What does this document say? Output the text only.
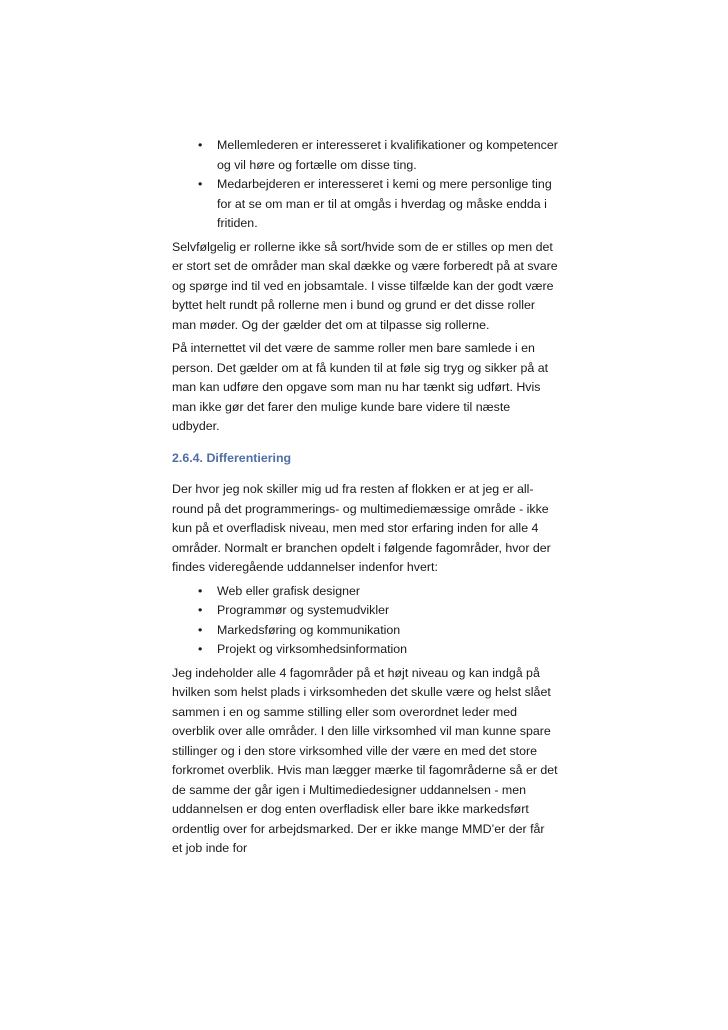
• Mellemlederen er interesseret i kvalifikationer og kompetencer og vil høre og fortælle om disse ting.
• Medarbejderen er interesseret i kemi og mere personlige ting for at se om man er til at omgås i hverdag og måske endda i fritiden.

Selvfølgelig er rollerne ikke så sort/hvide som de er stilles op men det er stort set de områder man skal dække og være forberedt på at svare og spørge ind til ved en jobsamtale. I visse tilfælde kan der godt være byttet helt rundt på rollerne men i bund og grund er det disse roller man møder. Og der gælder det om at tilpasse sig rollerne.

På internettet vil det være de samme roller men bare samlede i en person. Det gælder om at få kunden til at føle sig tryg og sikker på at man kan udføre den opgave som man nu har tænkt sig udført. Hvis man ikke gør det farer den mulige kunde bare videre til næste udbyder.

2.6.4. Differentiering

Der hvor jeg nok skiller mig ud fra resten af flokken er at jeg er all-round på det programmerings- og multimediemæssige område - ikke kun på et overfladisk niveau, men med stor erfaring inden for alle 4 områder. Normalt er branchen opdelt i følgende fagområder, hvor der findes videregående uddannelser indenfor hvert:

• Web eller grafisk designer
• Programmør og systemudvikler
• Markedsføring og kommunikation
• Projekt og virksomhedsinformation

Jeg indeholder alle 4 fagområder på et højt niveau og kan indgå på hvilken som helst plads i virksomheden det skulle være og helst slået sammen i en og samme stilling eller som overordnet leder med overblik over alle områder. I den lille virksomhed vil man kunne spare stillinger og i den store virksomhed ville der være en med det store forkromet overblik. Hvis man lægger mærke til fagområderne så er det de samme der går igen i Multimediedesigner uddannelsen - men uddannelsen er dog enten overfladisk eller bare ikke markedsført ordentlig over for arbejdsmarked. Der er ikke mange MMD’er der får et job inde for
